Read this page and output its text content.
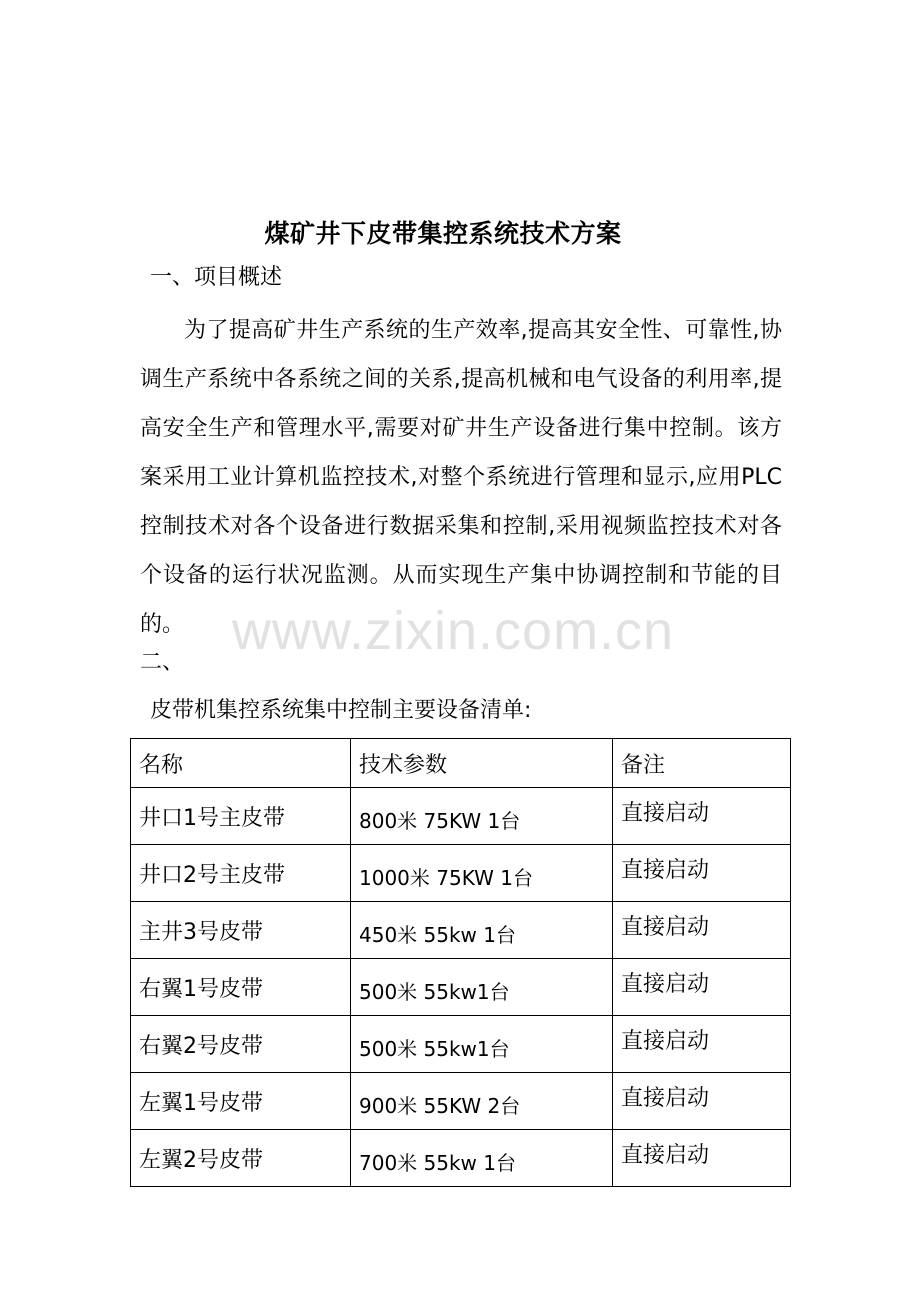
煤矿井下皮带集控系统技术方案
一、项目概述

为了提高矿井生产系统的生产效率,提高其安全性、可靠性,协调生产系统中各系统之间的关系,提高机械和电气设备的利用率,提高安全生产和管理水平,需要对矿井生产设备进行集中控制。该方案采用工业计算机监控技术,对整个系统进行管理和显示,应用PLC控制技术对各个设备进行数据采集和控制,采用视频监控技术对各个设备的运行状况监测。从而实现生产集中协调控制和节能的目的。 www.zixin.com.cn
二、
皮带机集控系统集中控制主要设备清单:
名称	技术参数	备注
井口1号主皮带	800米 75KW 1台	直接启动
井口2号主皮带	1000米 75KW 1台	直接启动
主井3号皮带	450米 55kw 1台	直接启动
右翼1号皮带	500米 55kw1台	直接启动
右翼2号皮带	500米 55kw1台	直接启动
左翼1号皮带	900米 55KW 2台	直接启动
左翼2号皮带	700米 55kw 1台	直接启动
